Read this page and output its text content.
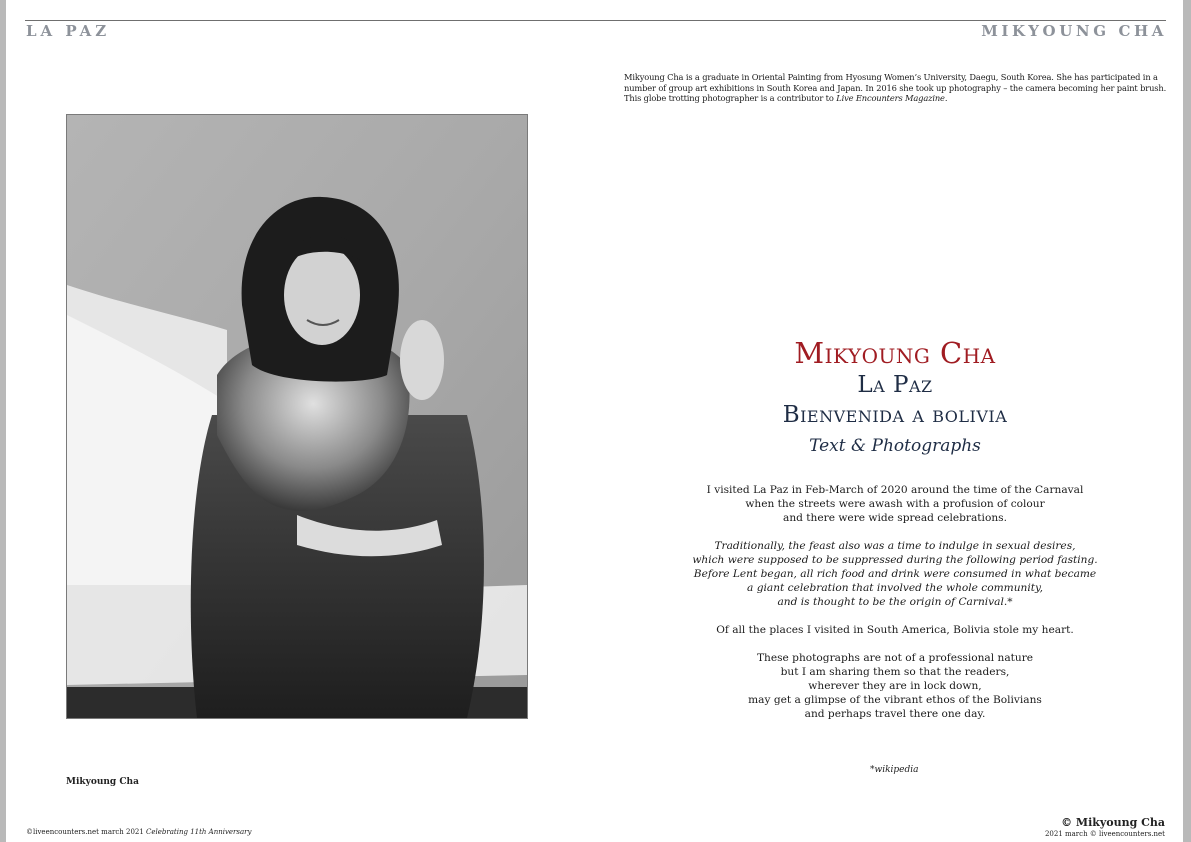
LA PAZ	MIKYOUNG CHA
Mikyoung Cha is a graduate in Oriental Painting from Hyosung Women’s University, Daegu, South Korea. She has participated in a number of group art exhibitions in South Korea and Japan. In 2016 she took up photography – the camera becoming her paint brush. This globe trotting photographer is a contributor to Live Encounters Magazine.
Mikyoung Cha
Mikyoung Cha
La Paz
Bienvenida a bolivia
Text & Photographs

I visited La Paz in Feb-March of 2020 around the time of the Carnaval
when the streets were awash with a profusion of colour
and there were wide spread celebrations.

Traditionally, the feast also was a time to indulge in sexual desires,
which were supposed to be suppressed during the following period fasting.
Before Lent began, all rich food and drink were consumed in what became
a giant celebration that involved the whole community,
and is thought to be the origin of Carnival.*

Of all the places I visited in South America, Bolivia stole my heart.

These photographs are not of a professional nature
but I am sharing them so that the readers,
wherever they are in lock down,
may get a glimpse of the vibrant ethos of the Bolivians
and perhaps travel there one day.

*wikipedia
© Mikyoung Cha
2021 march © liveencounters.net
©liveencounters.net march 2021 Celebrating 11th Anniversary
